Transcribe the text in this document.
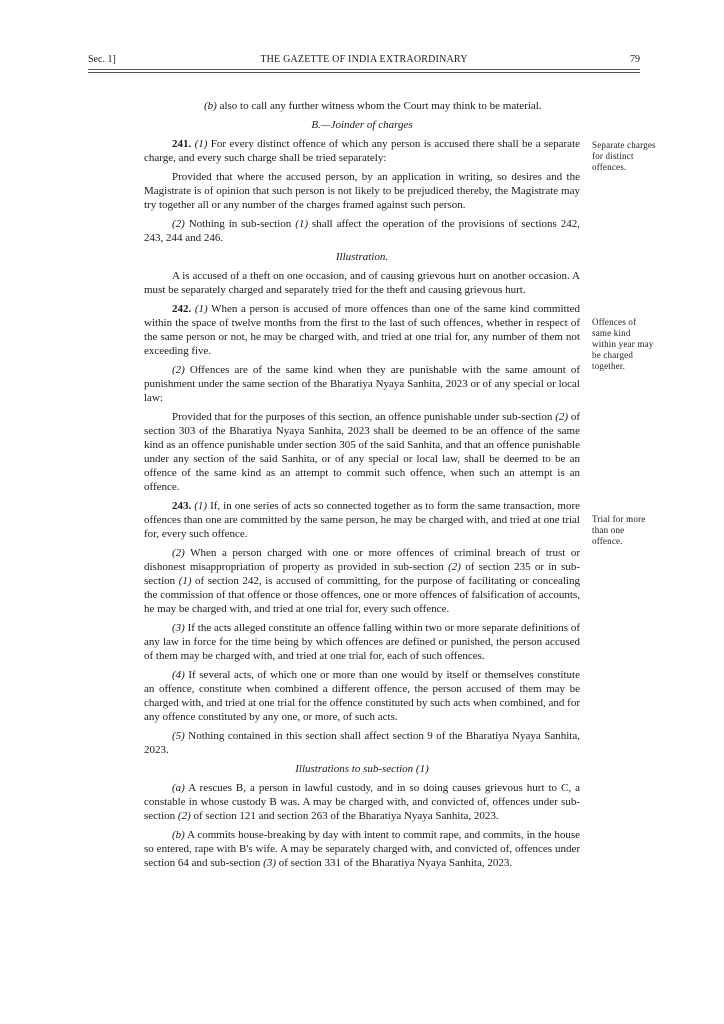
Sec. 1]	THE GAZETTE OF INDIA EXTRAORDINARY	79

(b) also to call any further witness whom the Court may think to be material.

B.—Joinder of charges

241. (1) For every distinct offence of which any person is accused there shall be a separate charge, and every such charge shall be tried separately:

Provided that where the accused person, by an application in writing, so desires and the Magistrate is of opinion that such person is not likely to be prejudiced thereby, the Magistrate may try together all or any number of the charges framed against such person.

(2) Nothing in sub-section (1) shall affect the operation of the provisions of sections 242, 243, 244 and 246.

Illustration.

A is accused of a theft on one occasion, and of causing grievous hurt on another occasion. A must be separately charged and separately tried for the theft and causing grievous hurt.

242. (1) When a person is accused of more offences than one of the same kind committed within the space of twelve months from the first to the last of such offences, whether in respect of the same person or not, he may be charged with, and tried at one trial for, any number of them not exceeding five.

(2) Offences are of the same kind when they are punishable with the same amount of punishment under the same section of the Bharatiya Nyaya Sanhita, 2023 or of any special or local law:

Provided that for the purposes of this section, an offence punishable under sub-section (2) of section 303 of the Bharatiya Nyaya Sanhita, 2023 shall be deemed to be an offence of the same kind as an offence punishable under section 305 of the said Sanhita, and that an offence punishable under any section of the said Sanhita, or of any special or local law, shall be deemed to be an offence of the same kind as an attempt to commit such offence, when such an attempt is an offence.

243. (1) If, in one series of acts so connected together as to form the same transaction, more offences than one are committed by the same person, he may be charged with, and tried at one trial for, every such offence.

(2) When a person charged with one or more offences of criminal breach of trust or dishonest misappropriation of property as provided in sub-section (2) of section 235 or in sub-section (1) of section 242, is accused of committing, for the purpose of facilitating or concealing the commission of that offence or those offences, one or more offences of falsification of accounts, he may be charged with, and tried at one trial for, every such offence.

(3) If the acts alleged constitute an offence falling within two or more separate definitions of any law in force for the time being by which offences are defined or punished, the person accused of them may be charged with, and tried at one trial for, each of such offences.

(4) If several acts, of which one or more than one would by itself or themselves constitute an offence, constitute when combined a different offence, the person accused of them may be charged with, and tried at one trial for the offence constituted by such acts when combined, and for any offence constituted by any one, or more, of such acts.

(5) Nothing contained in this section shall affect section 9 of the Bharatiya Nyaya Sanhita, 2023.

Illustrations to sub-section (1)

(a) A rescues B, a person in lawful custody, and in so doing causes grievous hurt to C, a constable in whose custody B was. A may be charged with, and convicted of, offences under sub-section (2) of section 121 and section 263 of the Bharatiya Nyaya Sanhita, 2023.

(b) A commits house-breaking by day with intent to commit rape, and commits, in the house so entered, rape with B's wife. A may be separately charged with, and convicted of, offences under section 64 and sub-section (3) of section 331 of the Bharatiya Nyaya Sanhita, 2023.

Separate charges for distinct offences.
Offences of same kind within year may be charged together.
Trial for more than one offence.
